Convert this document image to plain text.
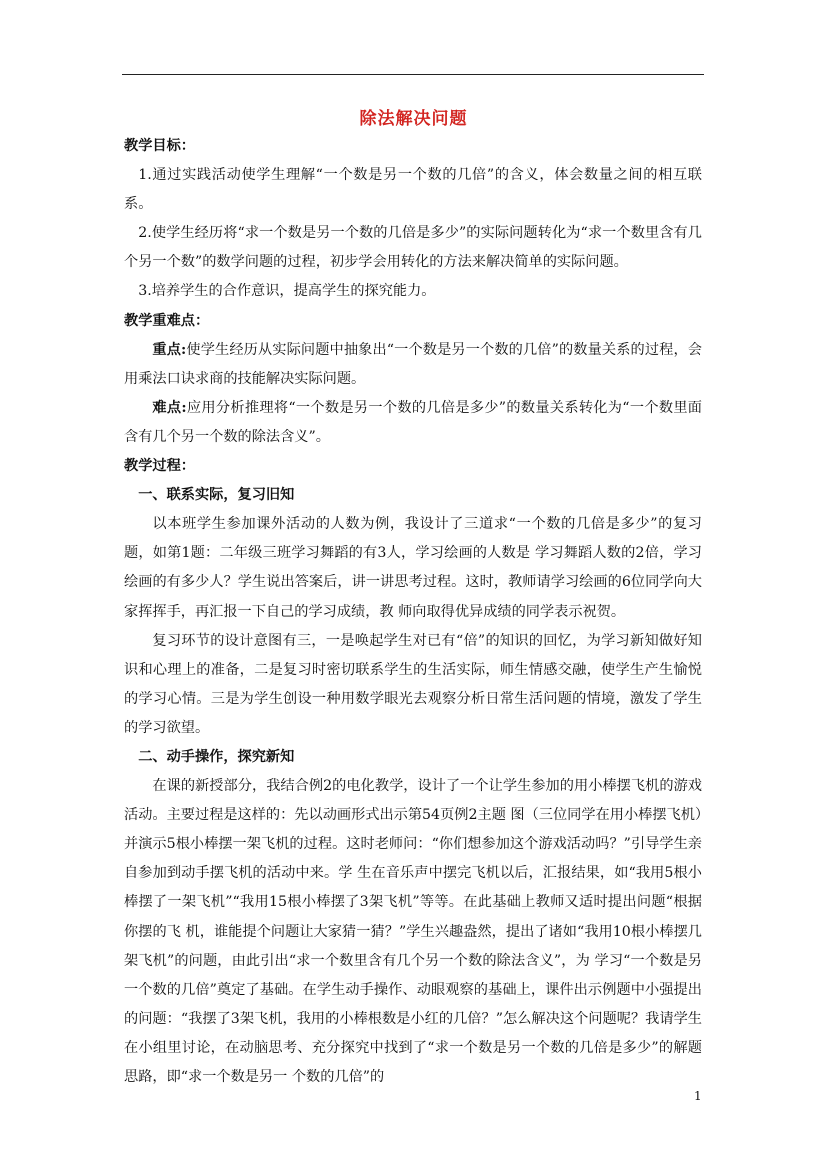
除法解决问题

教学目标：

1.通过实践活动使学生理解“一个数是另一个数的几倍”的含义，体会数量之间的相互联系。

2.使学生经历将“求一个数是另一个数的几倍是多少”的实际问题转化为“求一个数里含有几个另一个数”的数学问题的过程，初步学会用转化的方法来解决简单的实际问题。

3.培养学生的合作意识，提高学生的探究能力。

教学重难点：

重点:使学生经历从实际问题中抽象出“一个数是另一个数的几倍”的数量关系的过程，会用乘法口诀求商的技能解决实际问题。

难点:应用分析推理将“一个数是另一个数的几倍是多少”的数量关系转化为“一个数里面含有几个另一个数的除法含义”。

教学过程：

一、联系实际，复习旧知

以本班学生参加课外活动的人数为例，我设计了三道求“一个数的几倍是多少”的复习题，如第1题：二年级三班学习舞蹈的有3人，学习绘画的人数是 学习舞蹈人数的2倍，学习绘画的有多少人？学生说出答案后，讲一讲思考过程。这时，教师请学习绘画的6位同学向大家挥挥手，再汇报一下自己的学习成绩，教 师向取得优异成绩的同学表示祝贺。

复习环节的设计意图有三，一是唤起学生对已有“倍”的知识的回忆，为学习新知做好知识和心理上的准备，二是复习时密切联系学生的生活实际，师生情感交融，使学生产生愉悦的学习心情。三是为学生创设一种用数学眼光去观察分析日常生活问题的情境，激发了学生的学习欲望。

二、动手操作，探究新知

在课的新授部分，我结合例2的电化教学，设计了一个让学生参加的用小棒摆飞机的游戏活动。主要过程是这样的：先以动画形式出示第54页例2主题 图（三位同学在用小棒摆飞机）并演示5根小棒摆一架飞机的过程。这时老师问：“你们想参加这个游戏活动吗？”引导学生亲自参加到动手摆飞机的活动中来。学 生在音乐声中摆完飞机以后，汇报结果，如“我用5根小棒摆了一架飞机”“我用15根小棒摆了3架飞机”等等。在此基础上教师又适时提出问题“根据你摆的飞 机，谁能提个问题让大家猜一猜？”学生兴趣盎然，提出了诸如“我用10根小棒摆几架飞机”的问题，由此引出“求一个数里含有几个另一个数的除法含义”，为 学习“一个数是另一个数的几倍”奠定了基础。在学生动手操作、动眼观察的基础上，课件出示例题中小强提出的问题：“我摆了3架飞机，我用的小棒根数是小红的几倍？”怎么解决这个问题呢？我请学生在小组里讨论，在动脑思考、充分探究中找到了“求一个数是另一个数的几倍是多少”的解题思路，即“求一个数是另一 个数的几倍”的

1
